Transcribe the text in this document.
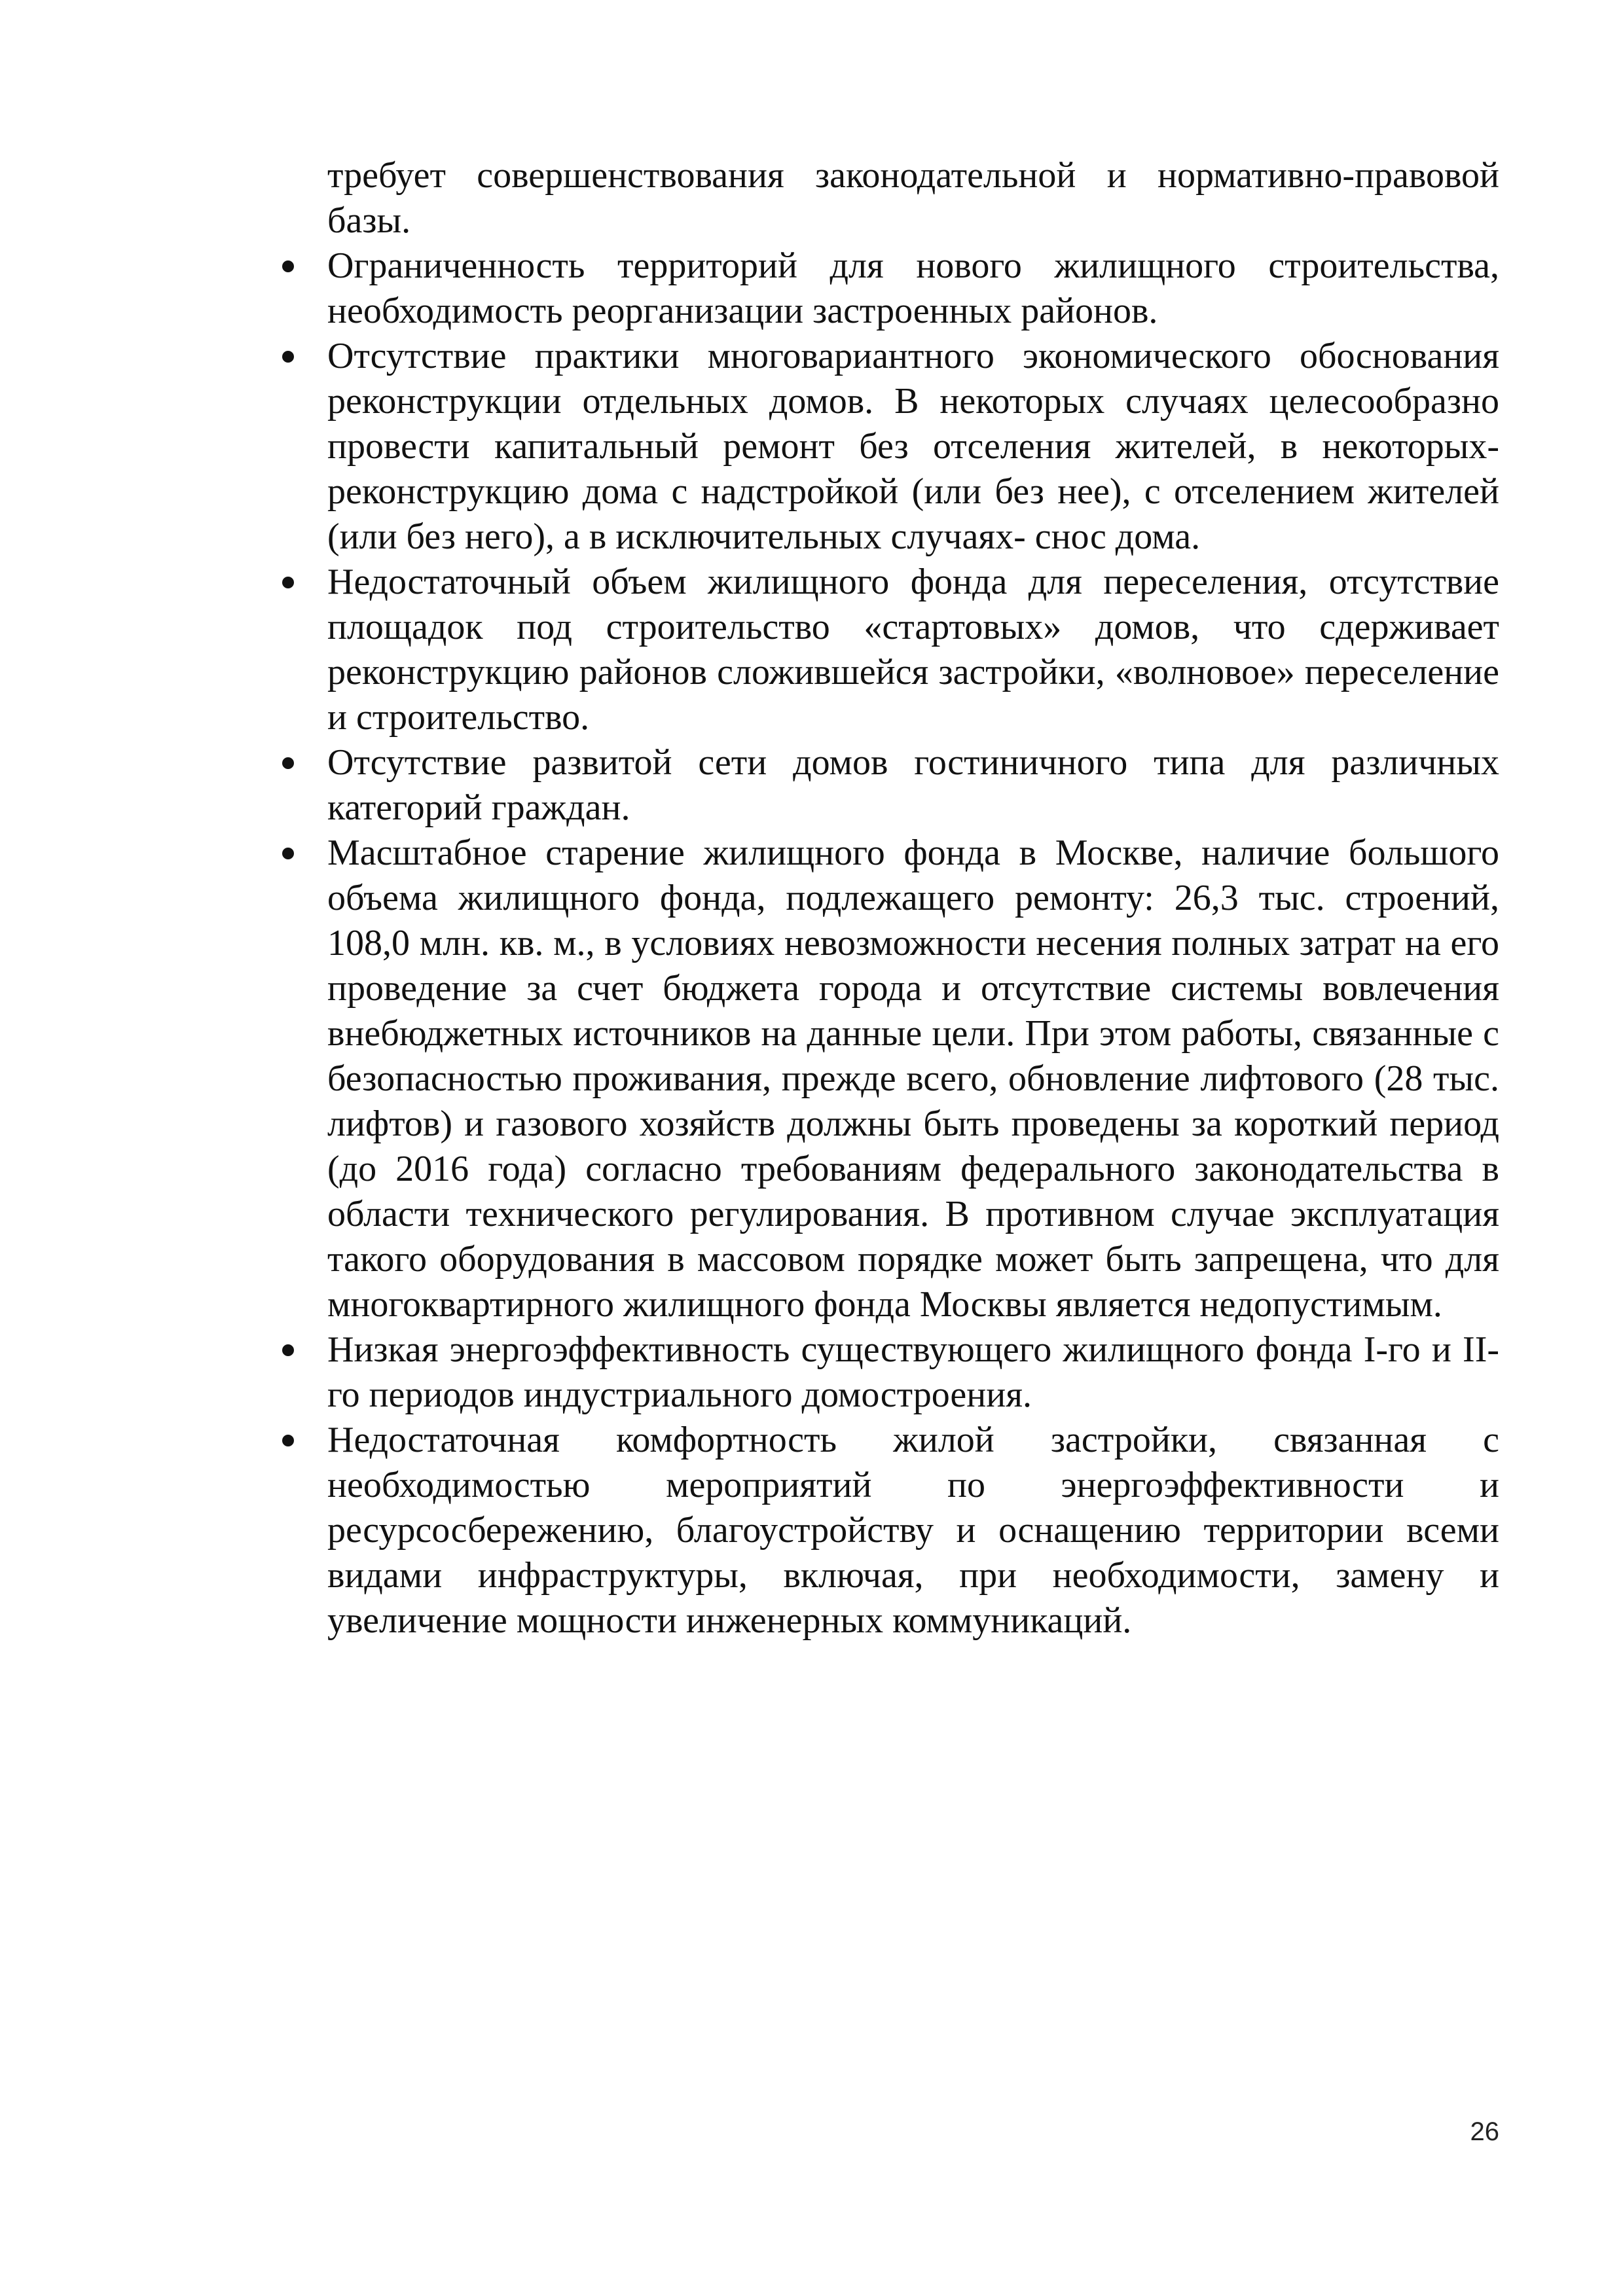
требует совершенствования законодательной и нормативно-правовой базы.

Ограниченность территорий для нового жилищного строительства, необходимость реорганизации застроенных районов.
Отсутствие практики многовариантного экономического обоснования реконструкции отдельных домов. В некоторых случаях целесообразно провести капитальный ремонт без отселения жителей, в некоторых-реконструкцию дома с надстройкой (или без нее), с отселением жителей (или без него), а в исключительных случаях- снос дома.
Недостаточный объем жилищного фонда для переселения, отсутствие площадок под строительство «стартовых» домов, что сдерживает реконструкцию районов сложившейся застройки, «волновое» переселение и строительство.
Отсутствие развитой сети домов гостиничного типа для различных категорий граждан.
Масштабное старение жилищного фонда в Москве, наличие большого объема жилищного фонда, подлежащего ремонту: 26,3 тыс. строений, 108,0 млн. кв. м., в условиях невозможности несения полных затрат на его проведение за счет бюджета города и отсутствие системы вовлечения внебюджетных источников на данные цели. При этом работы, связанные с безопасностью проживания, прежде всего, обновление лифтового (28 тыс. лифтов) и газового хозяйств должны быть проведены за короткий период (до 2016 года) согласно требованиям федерального законодательства в области технического регулирования. В противном случае эксплуатация такого оборудования в массовом порядке может быть запрещена, что для многоквартирного жилищного фонда Москвы является недопустимым.
Низкая энергоэффективность существующего жилищного фонда I-го и II-го периодов индустриального домостроения.
Недостаточная комфортность жилой застройки, связанная с необходимостью мероприятий по энергоэффективности и ресурсосбережению, благоустройству и оснащению территории всеми видами инфраструктуры, включая, при необходимости, замену и увеличение мощности инженерных коммуникаций.
26
